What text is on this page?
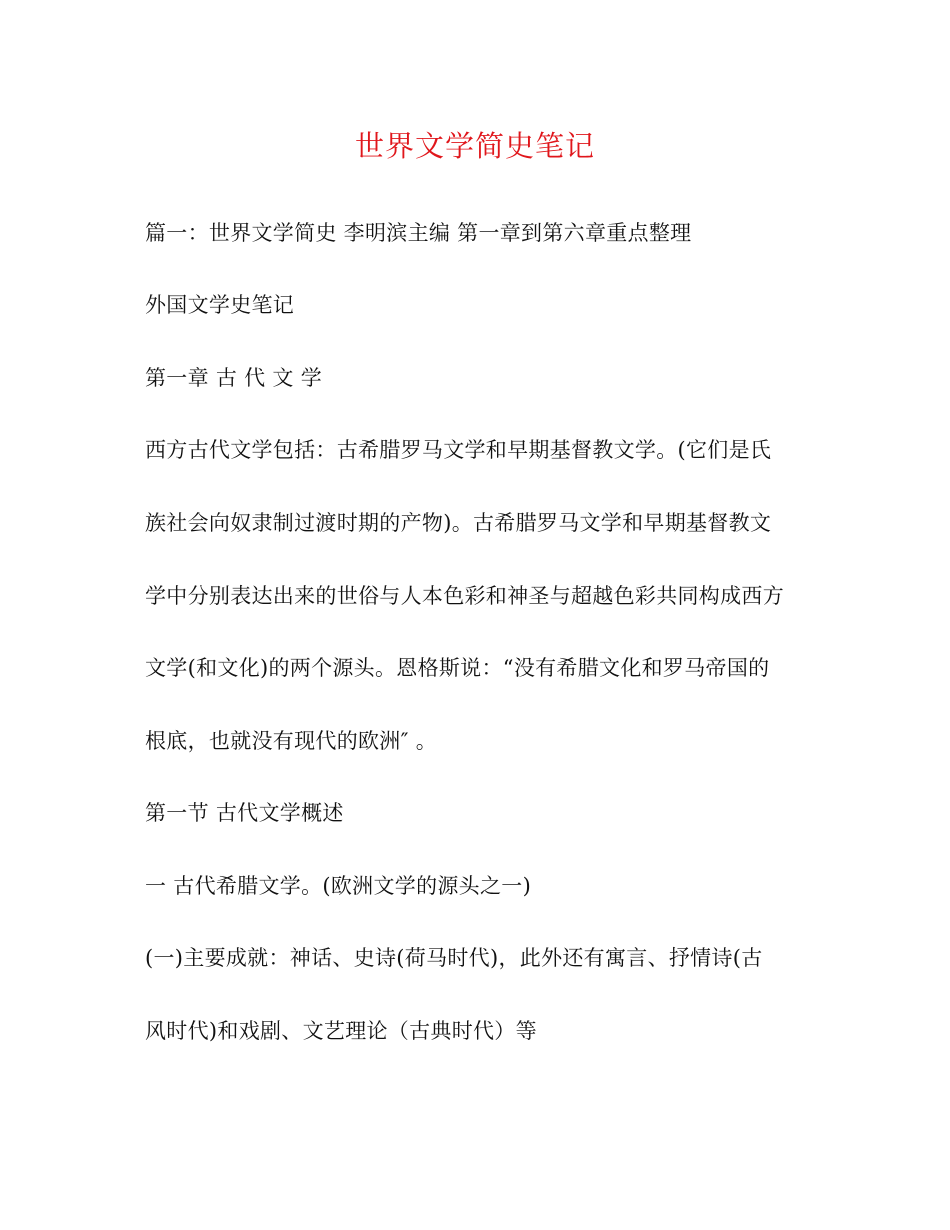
世界文学简史笔记
篇一：世界文学简史 李明滨主编 第一章到第六章重点整理
外国文学史笔记
第一章 古 代 文 学
西方古代文学包括：古希腊罗马文学和早期基督教文学。(它们是氏
族社会向奴隶制过渡时期的产物)。古希腊罗马文学和早期基督教文
学中分别表达出来的世俗与人本色彩和神圣与超越色彩共同构成西方
文学(和文化)的两个源头。恩格斯说：“没有希腊文化和罗马帝国的
根底，也就没有现代的欧洲″ 。
第一节 古代文学概述
一 古代希腊文学。(欧洲文学的源头之一)
(一)主要成就：神话、史诗(荷马时代)，此外还有寓言、抒情诗(古
风时代)和戏剧、文艺理论（古典时代）等
